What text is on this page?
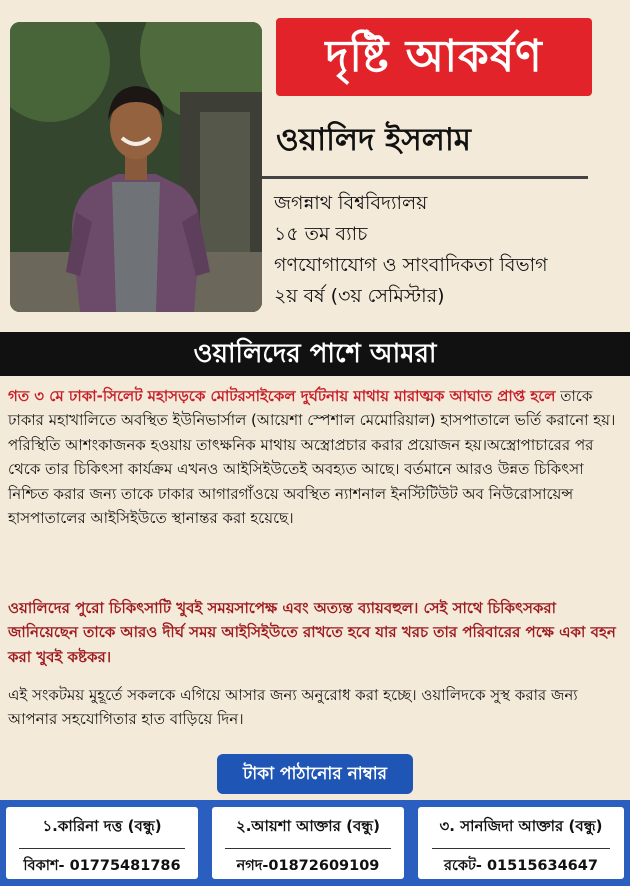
দৃষ্টি আকর্ষণ
ওয়ালিদ ইসলাম
জগন্নাথ বিশ্ববিদ্যালয়
১৫ তম ব্যাচ
গণযোগাযোগ ও সাংবাদিকতা বিভাগ
২য় বর্ষ (৩য় সেমিস্টার)
ওয়ালিদের পাশে আমরা
গত ৩ মে ঢাকা-সিলেট মহাসড়কে মোটরসাইকেল দুর্ঘটনায় মাথায় মারাত্মক আঘাত প্রাপ্ত হলে তাকে ঢাকার মহাখালিতে অবস্থিত ইউনিভার্সাল (আয়েশা স্পেশাল মেমোরিয়াল) হাসপাতালে ভর্তি করানো হয়।পরিস্থিতি আশংকাজনক হওয়ায় তাৎক্ষনিক মাথায় অস্ত্রোপ্রচার করার প্রয়োজন হয়।অস্ত্রোপাচারের পর থেকে তার চিকিৎসা কার্যক্রম এখনও আইসিইউতেই অবহ্যত আছে। বর্তমানে আরও উন্নত চিকিৎসা নিশ্চিত করার জন্য তাকে ঢাকার আগারগাঁওয়ে অবস্থিত ন্যাশনাল ইনস্টিটিউট অব নিউরোসায়েন্স হাসপাতালের আইসিইউতে স্থানান্তর করা হয়েছে।
ওয়ালিদের পুরো চিকিৎসাটি খুবই সময়সাপেক্ষ এবং অত্যন্ত ব্যায়বহুল। সেই সাথে চিকিৎসকরা জানিয়েছেন তাকে আরও দীর্ঘ সময় আইসিইউতে রাখতে হবে যার খরচ তার পরিবারের পক্ষে একা বহন করা খুবই কষ্টকর।
এই সংকটময় মুহূর্তে সকলকে এগিয়ে আসার জন্য অনুরোধ করা হচ্ছে। ওয়ালিদকে সুস্থ করার জন্য আপনার সহযোগিতার হাত বাড়িয়ে দিন।
টাকা পাঠানোর নাম্বার
১.কারিনা দত্ত (বন্ধু)
বিকাশ- 01775481786
২.আয়শা আক্তার (বন্ধু)
নগদ-01872609109
৩. সানজিদা আক্তার (বন্ধু)
রকেট- 01515634647
